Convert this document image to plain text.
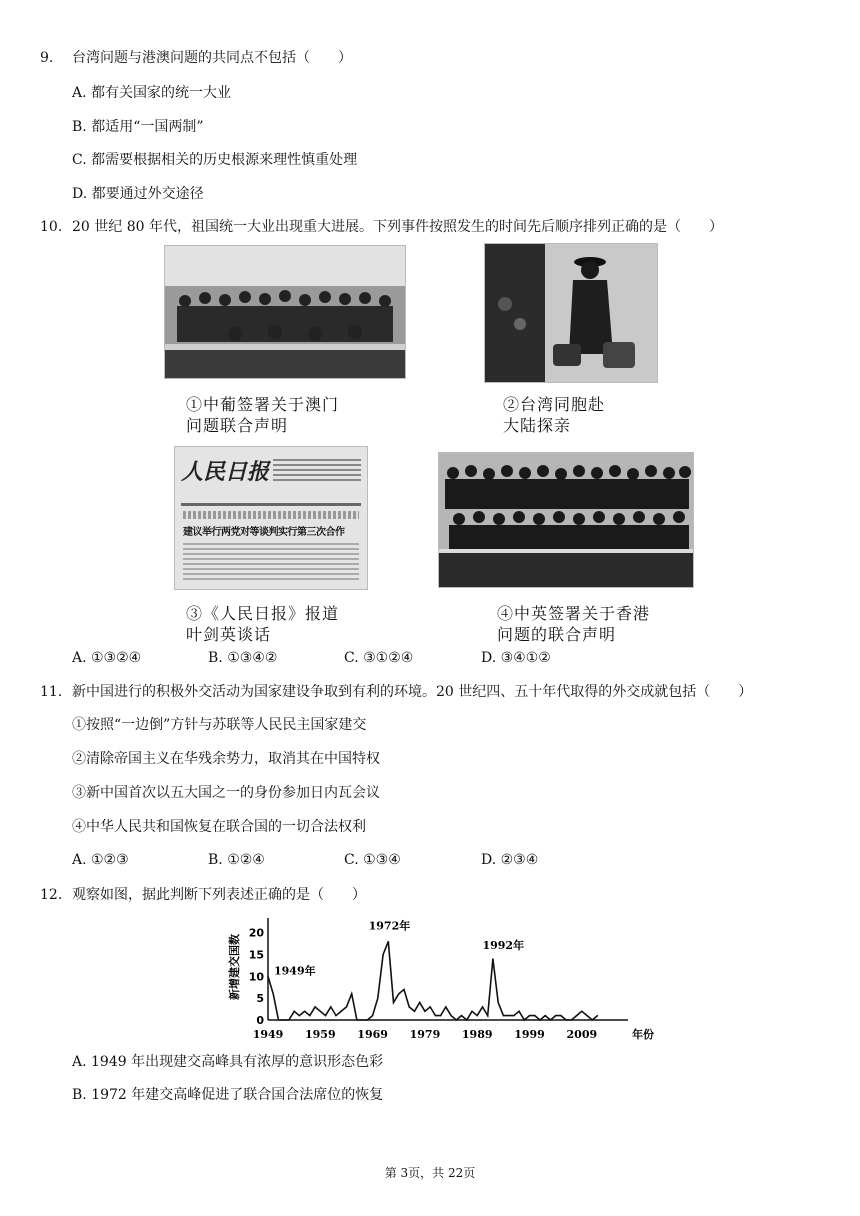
9. 台湾问题与港澳问题的共同点不包括（　　）
A. 都有关国家的统一大业
B. 都适用“一国两制”
C. 都需要根据相关的历史根源来理性慎重处理
D. 都要通过外交途径
10. 20 世纪 80 年代，祖国统一大业出现重大进展。下列事件按照发生的时间先后顺序排列正确的是（　　）
①中葡签署关于澳门
问题联合声明
②台湾同胞赴
大陆探亲
人民日报
建议举行两党对等谈判实行第三次合作
③《人民日报》报道
叶剑英谈话
④中英签署关于香港
问题的联合声明
A. ①③②④	B. ①③④②	C. ③①②④	D. ③④①②
11. 新中国进行的积极外交活动为国家建设争取到有利的环境。20 世纪四、五十年代取得的外交成就包括（　　）
①按照“一边倒”方针与苏联等人民民主国家建交
②清除帝国主义在华残余势力，取消其在中国特权
③新中国首次以五大国之一的身份参加日内瓦会议
④中华人民共和国恢复在联合国的一切合法权利
A. ①②③	B. ①②④	C. ①③④	D. ②③④
12. 观察如图，据此判断下列表述正确的是（　　）
新增建交国数
年份
0
5
10
15
20
1949 1959 1969 1979 1989 1999 2009
1949年
1972年
1992年
A. 1949 年出现建交高峰具有浓厚的意识形态色彩
B. 1972 年建交高峰促进了联合国合法席位的恢复
第 3页，共 22页
